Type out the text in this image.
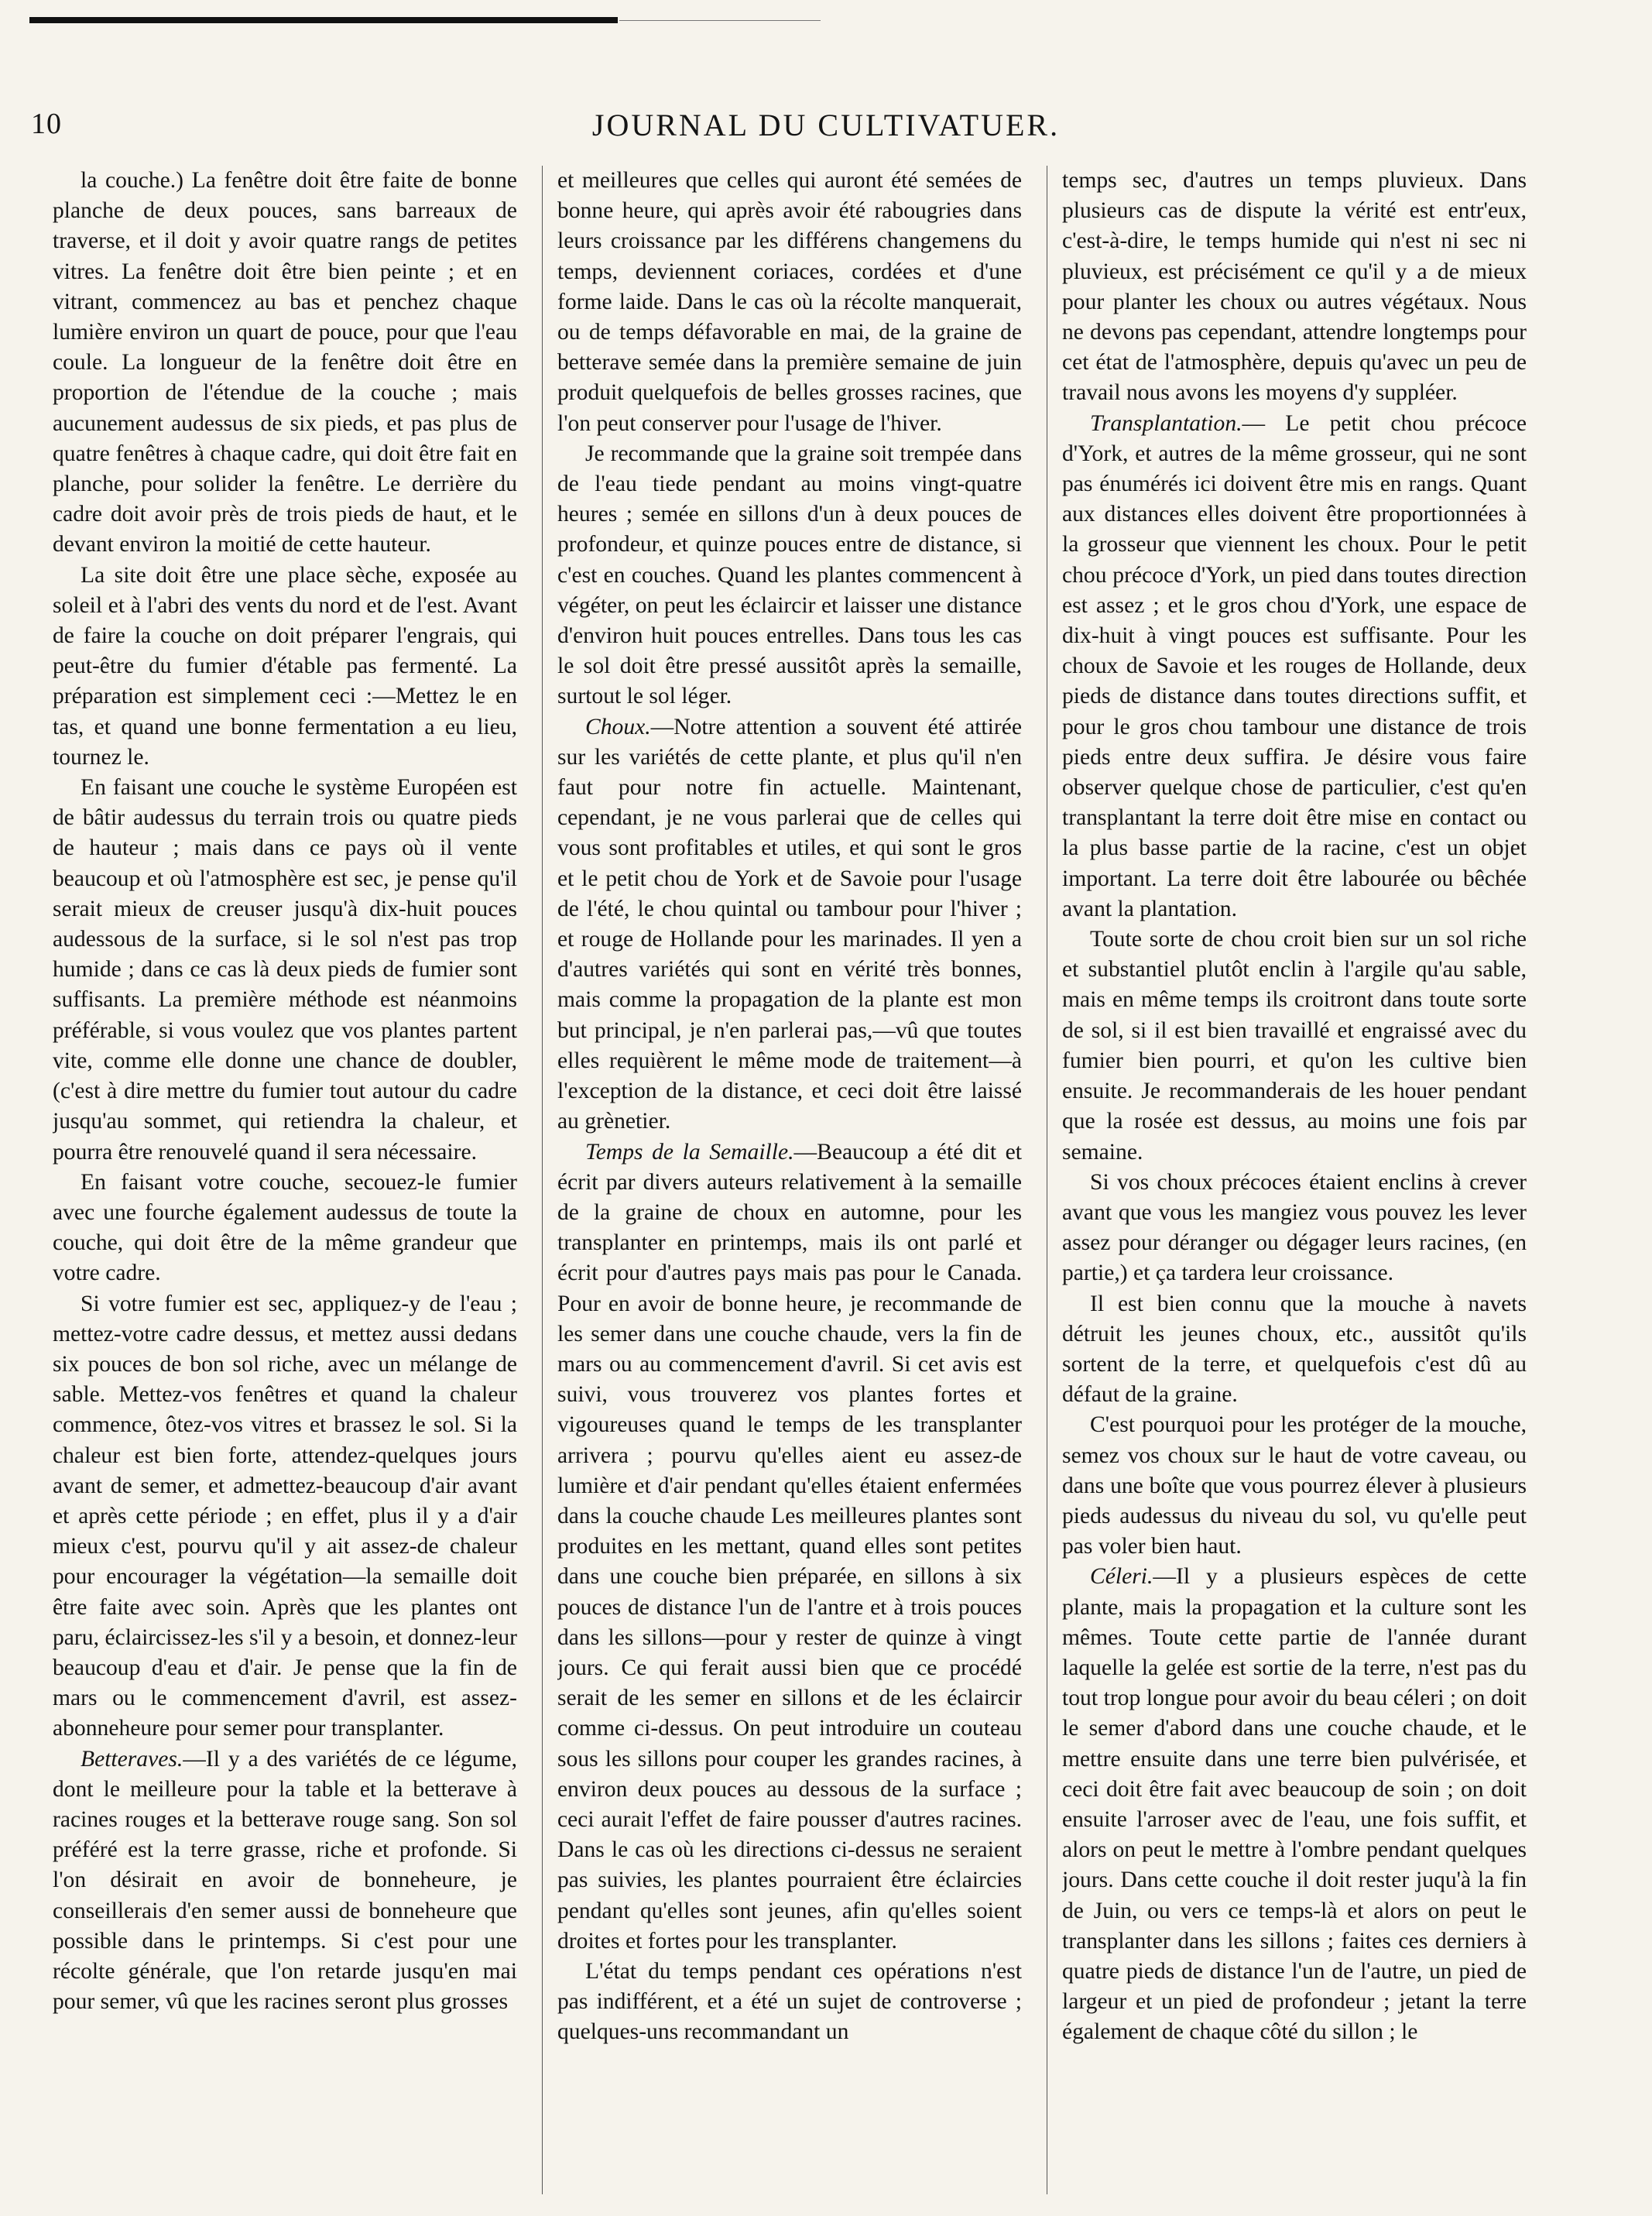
10	JOURNAL DU CULTIVATUER.

la couche.) La fenêtre doit être faite de bonne planche de deux pouces, sans barreaux de traverse, et il doit y avoir quatre rangs de petites vitres. La fenêtre doit être bien peinte ; et en vitrant, commencez au bas et penchez chaque lumière environ un quart de pouce, pour que l'eau coule. La longueur de la fenêtre doit être en proportion de l'étendue de la couche ; mais aucunement audessus de six pieds, et pas plus de quatre fenêtres à chaque cadre, qui doit être fait en planche, pour solider la fenêtre. Le derrière du cadre doit avoir près de trois pieds de haut, et le devant environ la moitié de cette hauteur.

La site doit être une place sèche, exposée au soleil et à l'abri des vents du nord et de l'est. Avant de faire la couche on doit préparer l'engrais, qui peut-être du fumier d'étable pas fermenté. La préparation est simplement ceci :—Mettez le en tas, et quand une bonne fermentation a eu lieu, tournez le.

En faisant une couche le système Européen est de bâtir audessus du terrain trois ou quatre pieds de hauteur ; mais dans ce pays où il vente beaucoup et où l'atmosphère est sec, je pense qu'il serait mieux de creuser jusqu'à dix-huit pouces audessous de la surface, si le sol n'est pas trop humide ; dans ce cas là deux pieds de fumier sont suffisants. La première méthode est néanmoins préférable, si vous voulez que vos plantes partent vite, comme elle donne une chance de doubler, (c'est à dire mettre du fumier tout autour du cadre jusqu'au sommet, qui retiendra la chaleur, et pourra être renouvelé quand il sera nécessaire.

En faisant votre couche, secouez-le fumier avec une fourche également audessus de toute la couche, qui doit être de la même grandeur que votre cadre.

Si votre fumier est sec, appliquez-y de l'eau ; mettez-votre cadre dessus, et mettez aussi dedans six pouces de bon sol riche, avec un mélange de sable. Mettez-vos fenêtres et quand la chaleur commence, ôtez-vos vitres et brassez le sol. Si la chaleur est bien forte, attendez-quelques jours avant de semer, et admettez-beaucoup d'air avant et après cette période ; en effet, plus il y a d'air mieux c'est, pourvu qu'il y ait assez-de chaleur pour encourager la végétation—la semaille doit être faite avec soin. Après que les plantes ont paru, éclaircissez-les s'il y a besoin, et donnez-leur beaucoup d'eau et d'air. Je pense que la fin de mars ou le commencement d'avril, est assez-abonneheure pour semer pour transplanter.

Betteraves.—Il y a des variétés de ce légume, dont le meilleure pour la table et la betterave à racines rouges et la betterave rouge sang. Son sol préféré est la terre grasse, riche et profonde. Si l'on désirait en avoir de bonneheure, je conseillerais d'en semer aussi de bonneheure que possible dans le printemps. Si c'est pour une récolte générale, que l'on retarde jusqu'en mai pour semer, vû que les racines seront plus grosses

et meilleures que celles qui auront été semées de bonne heure, qui après avoir été rabougries dans leurs croissance par les différens changemens du temps, deviennent coriaces, cordées et d'une forme laide. Dans le cas où la récolte manquerait, ou de temps défavorable en mai, de la graine de betterave semée dans la première semaine de juin produit quelquefois de belles grosses racines, que l'on peut conserver pour l'usage de l'hiver.

Je recommande que la graine soit trempée dans de l'eau tiede pendant au moins vingt-quatre heures ; semée en sillons d'un à deux pouces de profondeur, et quinze pouces entre de distance, si c'est en couches. Quand les plantes commencent à végéter, on peut les éclaircir et laisser une distance d'environ huit pouces entrelles. Dans tous les cas le sol doit être pressé aussitôt après la semaille, surtout le sol léger.

Choux.—Notre attention a souvent été attirée sur les variétés de cette plante, et plus qu'il n'en faut pour notre fin actuelle. Maintenant, cependant, je ne vous parlerai que de celles qui vous sont profitables et utiles, et qui sont le gros et le petit chou de York et de Savoie pour l'usage de l'été, le chou quintal ou tambour pour l'hiver ; et rouge de Hollande pour les marinades. Il yen a d'autres variétés qui sont en vérité très bonnes, mais comme la propagation de la plante est mon but principal, je n'en parlerai pas,—vû que toutes elles requièrent le même mode de traitement—à l'exception de la distance, et ceci doit être laissé au grènetier.

Temps de la Semaille.—Beaucoup a été dit et écrit par divers auteurs relativement à la semaille de la graine de choux en automne, pour les transplanter en printemps, mais ils ont parlé et écrit pour d'autres pays mais pas pour le Canada. Pour en avoir de bonne heure, je recommande de les semer dans une couche chaude, vers la fin de mars ou au commencement d'avril. Si cet avis est suivi, vous trouverez vos plantes fortes et vigoureuses quand le temps de les transplanter arrivera ; pourvu qu'elles aient eu assez-de lumière et d'air pendant qu'elles étaient enfermées dans la couche chaude Les meilleures plantes sont produites en les mettant, quand elles sont petites dans une couche bien préparée, en sillons à six pouces de distance l'un de l'antre et à trois pouces dans les sillons—pour y rester de quinze à vingt jours. Ce qui ferait aussi bien que ce procédé serait de les semer en sillons et de les éclaircir comme ci-dessus. On peut introduire un couteau sous les sillons pour couper les grandes racines, à environ deux pouces au dessous de la surface ; ceci aurait l'effet de faire pousser d'autres racines. Dans le cas où les directions ci-dessus ne seraient pas suivies, les plantes pourraient être éclaircies pendant qu'elles sont jeunes, afin qu'elles soient droites et fortes pour les transplanter.

L'état du temps pendant ces opérations n'est pas indifférent, et a été un sujet de controverse ; quelques-uns recommandant un

temps sec, d'autres un temps pluvieux. Dans plusieurs cas de dispute la vérité est entr'eux, c'est-à-dire, le temps humide qui n'est ni sec ni pluvieux, est précisément ce qu'il y a de mieux pour planter les choux ou autres végétaux. Nous ne devons pas cependant, attendre longtemps pour cet état de l'atmosphère, depuis qu'avec un peu de travail nous avons les moyens d'y suppléer.

Transplantation.— Le petit chou précoce d'York, et autres de la même grosseur, qui ne sont pas énumérés ici doivent être mis en rangs. Quant aux distances elles doivent être proportionnées à la grosseur que viennent les choux. Pour le petit chou précoce d'York, un pied dans toutes direction est assez ; et le gros chou d'York, une espace de dix-huit à vingt pouces est suffisante. Pour les choux de Savoie et les rouges de Hollande, deux pieds de distance dans toutes directions suffit, et pour le gros chou tambour une distance de trois pieds entre deux suffira. Je désire vous faire observer quelque chose de particulier, c'est qu'en transplantant la terre doit être mise en contact ou la plus basse partie de la racine, c'est un objet important. La terre doit être labourée ou bêchée avant la plantation.

Toute sorte de chou croit bien sur un sol riche et substantiel plutôt enclin à l'argile qu'au sable, mais en même temps ils croitront dans toute sorte de sol, si il est bien travaillé et engraissé avec du fumier bien pourri, et qu'on les cultive bien ensuite. Je recommanderais de les houer pendant que la rosée est dessus, au moins une fois par semaine.

Si vos choux précoces étaient enclins à crever avant que vous les mangiez vous pouvez les lever assez pour déranger ou dégager leurs racines, (en partie,) et ça tardera leur croissance.

Il est bien connu que la mouche à navets détruit les jeunes choux, etc., aussitôt qu'ils sortent de la terre, et quelquefois c'est dû au défaut de la graine.

C'est pourquoi pour les protéger de la mouche, semez vos choux sur le haut de votre caveau, ou dans une boîte que vous pourrez élever à plusieurs pieds audessus du niveau du sol, vu qu'elle peut pas voler bien haut.

Céleri.—Il y a plusieurs espèces de cette plante, mais la propagation et la culture sont les mêmes. Toute cette partie de l'année durant laquelle la gelée est sortie de la terre, n'est pas du tout trop longue pour avoir du beau céleri ; on doit le semer d'abord dans une couche chaude, et le mettre ensuite dans une terre bien pulvérisée, et ceci doit être fait avec beaucoup de soin ; on doit ensuite l'arroser avec de l'eau, une fois suffit, et alors on peut le mettre à l'ombre pendant quelques jours. Dans cette couche il doit rester juqu'à la fin de Juin, ou vers ce temps-là et alors on peut le transplanter dans les sillons ; faites ces derniers à quatre pieds de distance l'un de l'autre, un pied de largeur et un pied de profondeur ; jetant la terre également de chaque côté du sillon ; le
